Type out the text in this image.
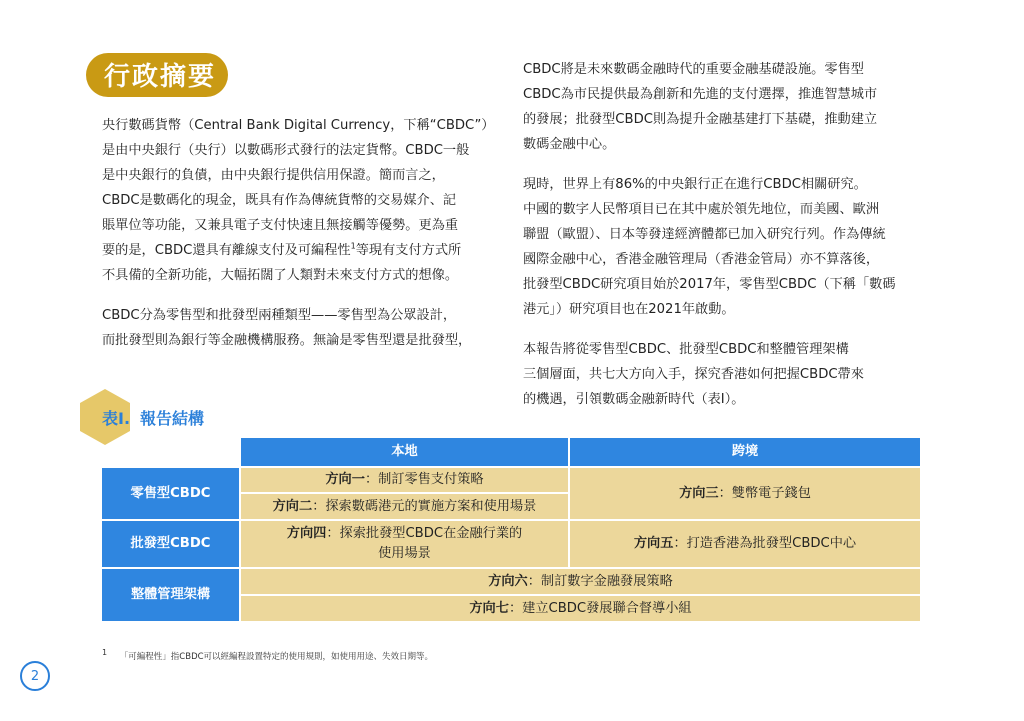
行政摘要

央行數碼貨幣（Central Bank Digital Currency，下稱“CBDC”）
是由中央銀行（央行）以數碼形式發行的法定貨幣。CBDC一般
是中央銀行的負債，由中央銀行提供信用保證。簡而言之，
CBDC是數碼化的現金，既具有作為傳統貨幣的交易媒介、記
賬單位等功能，又兼具電子支付快速且無接觸等優勢。更為重
要的是，CBDC還具有離線支付及可編程性$^1$等現有支付方式所
不具備的全新功能，大幅拓闊了人類對未來支付方式的想像。

CBDC分為零售型和批發型兩種類型——零售型為公眾設計，
而批發型則為銀行等金融機構服務。無論是零售型還是批發型，

CBDC將是未來數碼金融時代的重要金融基礎設施。零售型
CBDC為市民提供最為創新和先進的支付選擇，推進智慧城市
的發展；批發型CBDC則為提升金融基建打下基礎，推動建立
數碼金融中心。

現時，世界上有86%的中央銀行正在進行CBDC相關研究。
中國的數字人民幣項目已在其中處於領先地位，而美國、歐洲
聯盟（歐盟）、日本等發達經濟體都已加入研究行列。作為傳統
國際金融中心，香港金融管理局（香港金管局）亦不算落後，
批發型CBDC研究項目始於2017年，零售型CBDC（下稱「數碼
港元」）研究項目也在2021年啟動。

本報告將從零售型CBDC、批發型CBDC和整體管理架構
三個層面，共七大方向入手，探究香港如何把握CBDC帶來
的機遇，引領數碼金融新時代（表I）。

表I. 報告結構
本地	跨境
零售型CBDC
方向一 ：制訂零售支付策略
方向二 ：探索數碼港元的實施方案和使用場景
方向三 ：雙幣電子錢包
批發型CBDC
方向四：探索批發型CBDC在金融行業的
使用場景
方向五 ：打造香港為批發型CBDC中心
整體管理架構
方向六 ：制訂數字金融發展策略
方向七 ：建立CBDC發展聯合督導小組
$^1$ 「可編程性」指CBDC可以經編程設置特定的使用規則，如使用用途、失效日期等。
2
